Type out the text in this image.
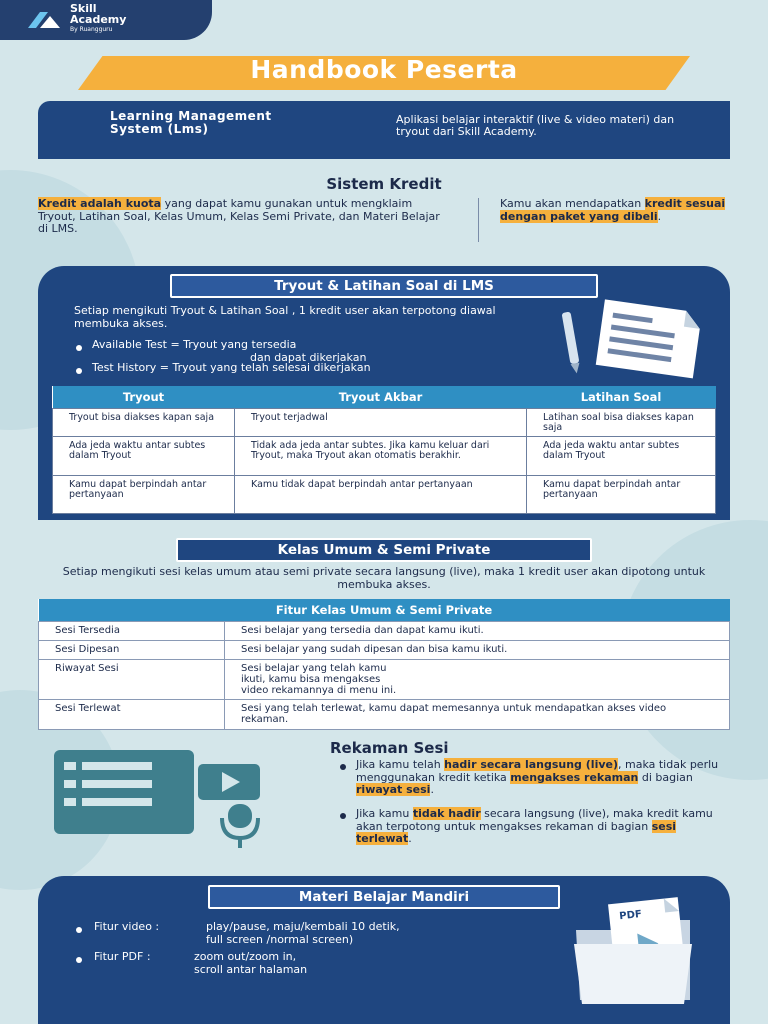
Skill
Academy
By Ruangguru
Handbook Peserta
Learning Management System (Lms)
Aplikasi belajar interaktif (live & video materi) dan tryout dari Skill Academy.
Sistem Kredit
Kredit adalah kuota yang dapat kamu gunakan untuk mengklaim Tryout, Latihan Soal, Kelas Umum, Kelas Semi Private, dan Materi Belajar di LMS.
Kamu akan mendapatkan kredit sesuai dengan paket yang dibeli.
Tryout & Latihan Soal di LMS
Setiap mengikuti Tryout & Latihan Soal , 1 kredit user akan terpotong diawal membuka akses.
Available Test = Tryout yang tersedia
dan dapat dikerjakan
Test History = Tryout yang telah selesai dikerjakan
Tryout	Tryout Akbar	Latihan Soal
Tryout bisa diakses kapan saja	Tryout terjadwal	Latihan soal bisa diakses kapan saja
Ada jeda waktu antar subtes dalam Tryout	Tidak ada jeda antar subtes. Jika kamu keluar dari Tryout, maka Tryout akan otomatis berakhir.	Ada jeda waktu antar subtes dalam Tryout
Kamu dapat berpindah antar pertanyaan	Kamu tidak dapat berpindah antar pertanyaan	Kamu dapat berpindah antar pertanyaan
Kelas Umum & Semi Private
Setiap mengikuti sesi kelas umum atau semi private secara langsung (live), maka 1 kredit user akan dipotong untuk membuka akses.
Fitur Kelas Umum & Semi Private	
Sesi Tersedia	Sesi belajar yang tersedia dan dapat kamu ikuti.
Sesi Dipesan	Sesi belajar yang sudah dipesan dan bisa kamu ikuti.
Riwayat Sesi	Sesi belajar yang telah kamu ikuti, kamu bisa mengakses video rekamannya di menu ini.
Sesi Terlewat	Sesi yang telah terlewat, kamu dapat memesannya untuk mendapatkan akses video rekaman.
Rekaman Sesi
Jika kamu telah hadir secara langsung (live), maka tidak perlu menggunakan kredit ketika mengakses rekaman di bagian riwayat sesi.
Jika kamu tidak hadir secara langsung (live), maka kredit kamu akan terpotong untuk mengakses rekaman di bagian sesi terlewat.
Materi Belajar Mandiri
Fitur video :	play/pause, maju/kembali 10 detik,
full screen /normal screen)
Fitur PDF :	zoom out/zoom in,
scroll antar halaman
PDF
